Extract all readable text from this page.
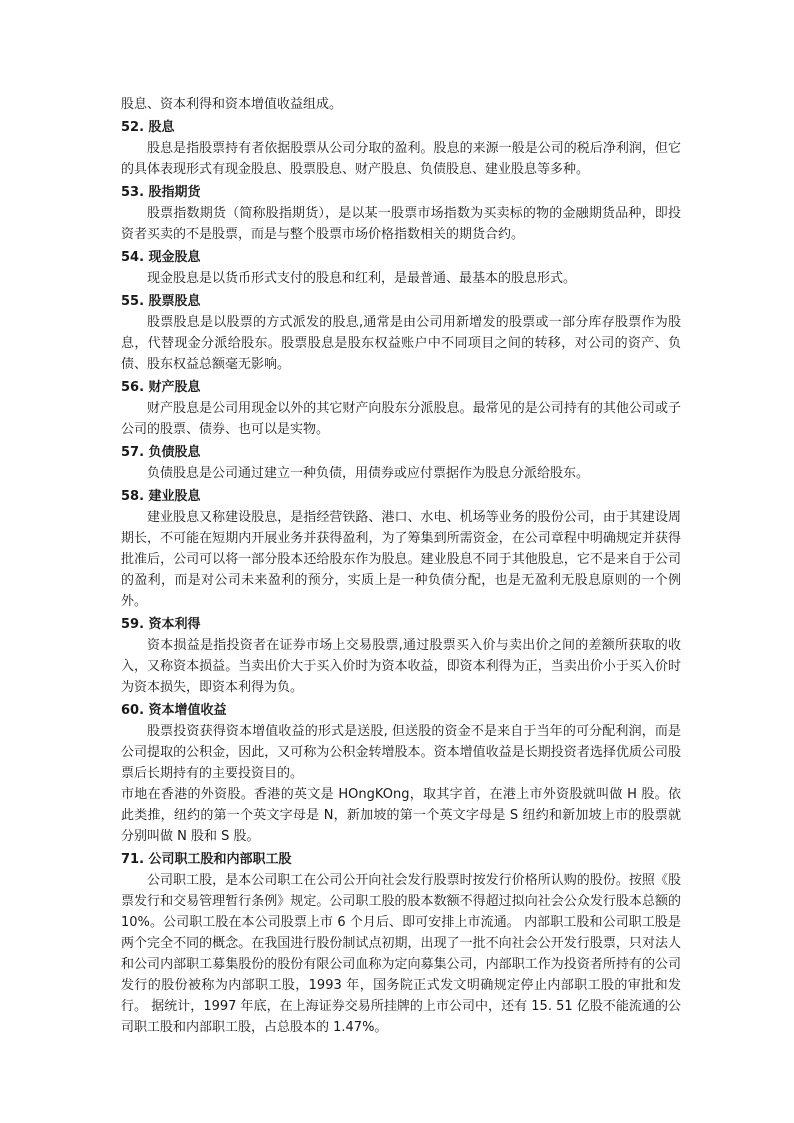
股息、资本利得和资本增值收益组成。
52. 股息
股息是指股票持有者依据股票从公司分取的盈利。股息的来源一般是公司的税后净利润，但它的具体表现形式有现金股息、股票股息、财产股息、负债股息、建业股息等多种。
53. 股指期货
股票指数期货（简称股指期货），是以某一股票市场指数为买卖标的物的金融期货品种，即投资者买卖的不是股票，而是与整个股票市场价格指数相关的期货合约。
54. 现金股息
现金股息是以货币形式支付的股息和红利，是最普通、最基本的股息形式。
55. 股票股息
股票股息是以股票的方式派发的股息,通常是由公司用新增发的股票或一部分库存股票作为股息，代替现金分派给股东。股票股息是股东权益账户中不同项目之间的转移，对公司的资产、负债、股东权益总额毫无影响。
56. 财产股息
财产股息是公司用现金以外的其它财产向股东分派股息。最常见的是公司持有的其他公司或子公司的股票、债券、也可以是实物。
57. 负债股息
负债股息是公司通过建立一种负债，用债券或应付票据作为股息分派给股东。
58. 建业股息
建业股息又称建设股息，是指经营铁路、港口、水电、机场等业务的股份公司，由于其建设周期长，不可能在短期内开展业务并获得盈利，为了筹集到所需资金，在公司章程中明确规定并获得批准后，公司可以将一部分股本还给股东作为股息。建业股息不同于其他股息，它不是来自于公司的盈利，而是对公司未来盈利的预分，实质上是一种负债分配，也是无盈利无股息原则的一个例外。
59. 资本利得
资本损益是指投资者在证券市场上交易股票,通过股票买入价与卖出价之间的差额所获取的收入，又称资本损益。当卖出价大于买入价时为资本收益，即资本利得为正，当卖出价小于买入价时为资本损失，即资本利得为负。
60. 资本增值收益
股票投资获得资本增值收益的形式是送股, 但送股的资金不是来自于当年的可分配利润，而是公司提取的公积金，因此，又可称为公积金转增股本。资本增值收益是长期投资者选择优质公司股票后长期持有的主要投资目的。
市地在香港的外资股。香港的英文是 HOngKOng，取其字首，在港上市外资股就叫做 H 股。依此类推，纽约的第一个英文字母是 N，新加坡的第一个英文字母是 S 纽约和新加坡上市的股票就分别叫做 N 股和 S 股。
71. 公司职工股和内部职工股
公司职工股，是本公司职工在公司公开向社会发行股票时按发行价格所认购的股份。按照《股票发行和交易管理暂行条例》规定。公司职工股的股本数额不得超过拟向社会公众发行股本总额的 10%。公司职工股在本公司股票上市 6 个月后、即可安排上市流通。 内部职工股和公司职工股是两个完全不同的概念。在我国进行股份制试点初期，出现了一批不向社会公开发行股票，只对法人和公司内部职工募集股份的股份有限公司血称为定向募集公司，内部职工作为投资者所持有的公司发行的股份被称为内部职工股，1993 年，国务院正式发文明确规定停止内部职工股的审批和发行。 据统计，1997 年底，在上海证券交易所挂牌的上市公司中，还有 15. 51 亿股不能流通的公司职工股和内部职工股，占总股本的 1.47%。
